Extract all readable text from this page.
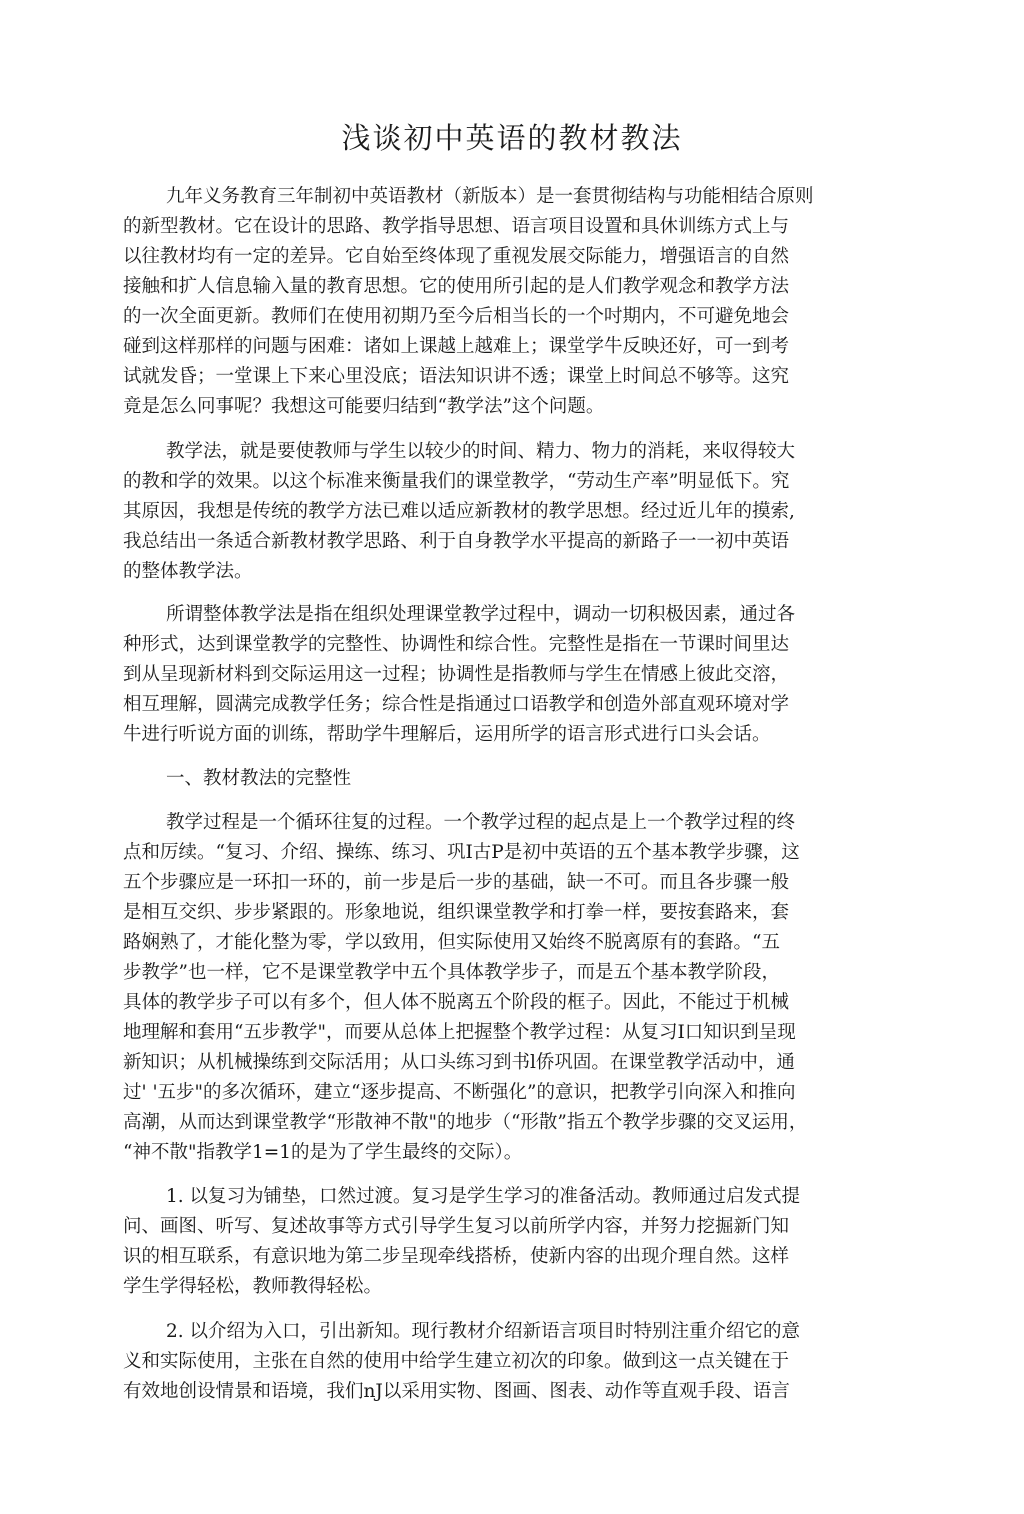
浅谈初中英语的教材教法
九年义务教育三年制初中英语教材（新版本）是一套贯彻结构与功能相结合原则
的新型教材。它在设计的思路、教学指导思想、语言项目设置和具休训练方式上与
以往教材均有一定的差异。它自始至终体现了重视发展交际能力，增强语言的自然
接触和扩人信息输入量的教育思想。它的使用所引起的是人们教学观念和教学方法
的一次全面更新。教师们在使用初期乃至今后相当长的一个吋期内，不可避免地会
碰到这样那样的问题与困难：诸如上课越上越难上；课堂学牛反映还好，可一到考
试就发昏；一堂课上下来心里没底；语法知识讲不透；课堂上时间总不够等。这究
竟是怎么冋事呢？我想这可能要归结到“教学法”这个问题。
教学法，就是要使教师与学生以较少的时间、精力、物力的消耗，来収得较大
的教和学的效果。以这个标准来衡量我们的课堂教学，“劳动生产率”明显低下。究
其原因，我想是传统的教学方法已难以适应新教材的教学思想。经过近儿年的摸索,
我总结出一条适合新教材教学思路、利于自身教学水平提高的新路子一一初中英语
的整体教学法。
所谓整体教学法是指在组织处理课堂教学过程中，调动一切积极因素，通过各
种形式，达到课堂教学的完整性、协调性和综合性。完整性是指在一节课时间里达
到从呈现新材料到交际运用这一过程；协调性是指教师与学生在情感上彼此交溶，
相互理解，圆满完成教学任务；综合性是指通过口语教学和创造外部直观环境对学
牛进行听说方面的训练，帮助学牛理解后，运用所学的语言形式进行口头会话。
一、教材教法的完整性
教学过程是一个循环往复的过程。一个教学过程的起点是上一个教学过程的终
点和厉续。“复习、介绍、操练、练习、巩I古P是初中英语的五个基本教学步骤，这
五个步骤应是一环扣一环的，前一步是后一步的基础，缺一不可。而且各步骤一般
是相互交织、步步紧跟的。形象地说，组织课堂教学和打拳一样，要按套路来，套
路娴熟了，才能化整为零，学以致用，但实际使用又始终不脱离原有的套路。“五
步教学”也一样，它不是课堂教学中五个具体教学步子，而是五个基本教学阶段，
具体的教学步子可以有多个，但人体不脱离五个阶段的框子。因此，不能过于机械
地理解和套用“五步教学"，而要从总体上把握整个教学过程：从复习I口知识到呈现
新知识；从机械操练到交际活用；从口头练习到书l侨巩固。在课堂教学活动中，通
过' '五步"的多次循环，建立“逐步提高、不断强化”的意识，把教学引向深入和推向
高潮，从而达到课堂教学“形散神不散"的地步（“形散”指五个教学步骤的交叉运用，
“神不散"指教学1=1的是为了学生最终的交际）。
1. 以复习为铺垫，口然过渡。复习是学生学习的准备活动。教师通过启发式提
问、画图、听写、复述故事等方式引导学生复习以前所学内容，并努力挖掘新门知
识的相互联系，有意识地为第二步呈现牵线搭桥，使新内容的出现介理自然。这样
学生学得轻松，教师教得轻松。
2. 以介绍为入口，引出新知。现行教材介绍新语言项目时特别注重介绍它的意
义和实际使用，主张在自然的使用中给学生建立初次的印象。做到这一点关键在于
有效地创设情景和语境，我们nJ以采用实物、图画、图表、动作等直观手段、语言
